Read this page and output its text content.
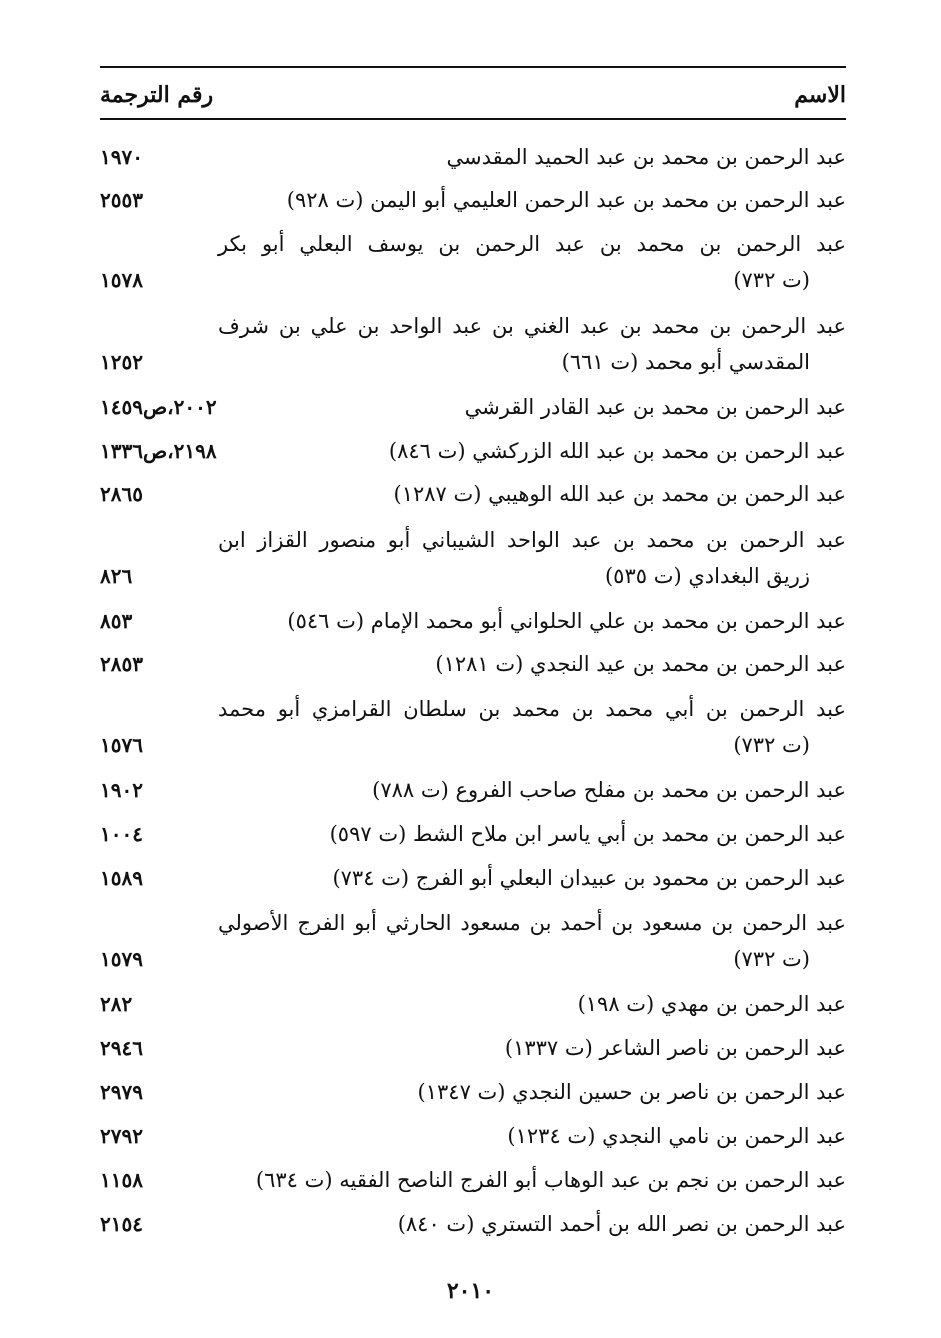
الاسم
رقم الترجمة
عبد الرحمن بن محمد بن عبد الحميد المقدسي
١٩٧٠
عبد الرحمن بن محمد بن عبد الرحمن العليمي أبو اليمن (ت ٩٢٨)
٢٥٥٣
عبد الرحمن بن محمد بن عبد الرحمن بن يوسف البعلي أبو بكر
(ت ٧٣٢)
١٥٧٨
عبد الرحمن بن محمد بن عبد الغني بن عبد الواحد بن علي بن شرف
المقدسي أبو محمد (ت ٦٦١)
١٢٥٢
عبد الرحمن بن محمد بن عبد القادر القرشي
٢٠٠٢،ص١٤٥٩
عبد الرحمن بن محمد بن عبد الله الزركشي (ت ٨٤٦)
٢١٩٨،ص١٣٣٦
عبد الرحمن بن محمد بن عبد الله الوهيبي (ت ١٢٨٧)
٢٨٦٥
عبد الرحمن بن محمد بن عبد الواحد الشيباني أبو منصور القزاز ابن
زريق البغدادي (ت ٥٣٥)
٨٢٦
عبد الرحمن بن محمد بن علي الحلواني أبو محمد الإمام (ت ٥٤٦)
٨٥٣
عبد الرحمن بن محمد بن عيد النجدي (ت ١٢٨١)
٢٨٥٣
عبد الرحمن بن أبي محمد بن محمد بن سلطان القرامزي أبو محمد
(ت ٧٣٢)
١٥٧٦
عبد الرحمن بن محمد بن مفلح صاحب الفروع (ت ٧٨٨)
١٩٠٢
عبد الرحمن بن محمد بن أبي ياسر ابن ملاح الشط (ت ٥٩٧)
١٠٠٤
عبد الرحمن بن محمود بن عبيدان البعلي أبو الفرج (ت ٧٣٤)
١٥٨٩
عبد الرحمن بن مسعود بن أحمد بن مسعود الحارثي أبو الفرج الأصولي
(ت ٧٣٢)
١٥٧٩
عبد الرحمن بن مهدي (ت ١٩٨)
٢٨٢
عبد الرحمن بن ناصر الشاعر (ت ١٣٣٧)
٢٩٤٦
عبد الرحمن بن ناصر بن حسين النجدي (ت ١٣٤٧)
٢٩٧٩
عبد الرحمن بن نامي النجدي (ت ١٢٣٤)
٢٧٩٢
عبد الرحمن بن نجم بن عبد الوهاب أبو الفرج الناصح الفقيه (ت ٦٣٤)
١١٥٨
عبد الرحمن بن نصر الله بن أحمد التستري (ت ٨٤٠)
٢١٥٤
٢٠١٠
